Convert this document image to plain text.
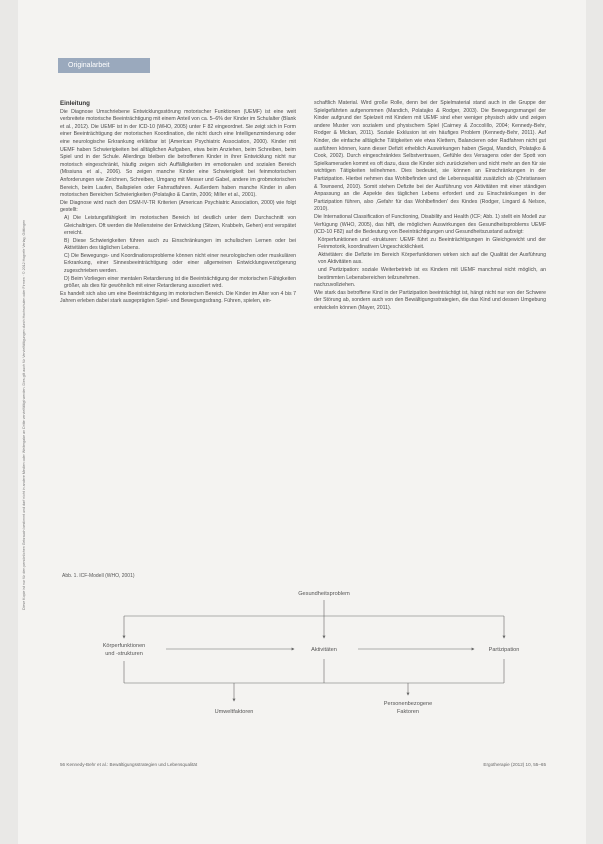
Originalarbeit
Diese Kopie ist nur für den persönlichen Gebrauch bestimmt und darf nicht in andere Medien oder Weitergabe an Dritte vervielfältigt werden. Dies gilt auch für Vervielfältigungen durch Hochschulen oder Firmen · © 2012 Hogrefe Verlag, Göttingen
Einleitung

Die Diagnose Umschriebene Entwicklungsstörung motorischer Funktionen (UEMF) ist eine weit verbreitete motorische Beeinträchtigung mit einem Anteil von ca. 5–6% der Kinder im Schulalter (Blank et al., 2012). Die UEMF ist in der ICD-10 (WHO, 2005) unter F 82 eingeordnet. Sie zeigt sich in Form einer Beeinträchtigung der motorischen Koordination, die nicht durch eine Intelligenzminderung oder eine neurologische Erkrankung erklärbar ist (American Psychiatric Association, 2000). Kinder mit UEMF haben Schwierigkeiten bei alltäglichen Aufgaben, etwa beim Anziehen, beim Schreiben, beim Spiel und in der Schule. Allerdings bleiben die betroffenen Kinder in ihrer Entwicklung nicht nur motorisch eingeschränkt, häufig zeigen sich Auffälligkeiten im emotionalen und sozialen Bereich (Missiuna et al., 2006). So zeigen manche Kinder eine Schwierigkeit bei feinmotorischen Anforderungen wie Zeichnen, Schreiben, Umgang mit Messer und Gabel, andere im grobmotorischen Bereich, beim Laufen, Ballspielen oder Fahrradfahren. Außerdem haben manche Kinder in allen motorischen Bereichen Schwierigkeiten (Polatajko & Cantin, 2006; Miller et al., 2001).

Die Diagnose wird nach den DSM-IV-TR Kriterien (American Psychiatric Association, 2000) wie folgt gestellt:

A) Die Leistungsfähigkeit im motorischen Bereich ist deutlich unter dem Durchschnitt von Gleichaltrigen. Oft werden die Meilensteine der Entwicklung (Sitzen, Krabbeln, Gehen) erst verspätet erreicht.
B) Diese Schwierigkeiten führen auch zu Einschränkungen im schulischen Lernen oder bei Aktivitäten des täglichen Lebens.
C) Die Bewegungs- und Koordinationsprobleme können nicht einer neurologischen oder muskulären Erkrankung, einer Sinnesbeeinträchtigung oder einer allgemeinen Entwicklungsverzögerung zugeschrieben werden.
D) Beim Vorliegen einer mentalen Retardierung ist die Beeinträchtigung der motorischen Fähigkeiten größer, als dies für gewöhnlich mit einer Retardierung assoziiert wird.

Es handelt sich also um eine Beeinträchtigung im motorischen Bereich. Die Kinder im Alter von 4 bis 7 Jahren erleben dabei stark ausgeprägten Spiel- und Bewegungsdrang. Führen, spielen, ein-

schaftlich Material. Wird große Rolle, denn bei der Spielmaterial stand auch in die Gruppe der Spielgefährten aufgenommen (Mandich, Polatajko & Rodger, 2003). Die Bewegungsmangel der Kinder aufgrund der Spielzeit mit Kindern mit UEMF sind eher weniger physisch aktiv und zeigen andere Muster von sozialem und physischem Spiel (Cairney & Zoccolillo, 2004; Kennedy-Behr, Rodger & Mickan, 2011). Soziale Exklusion ist ein häufiges Problem (Kennedy-Behr, 2011). Auf Kinder, die einfache alltägliche Tätigkeiten wie etwa Klettern, Balancieren oder Radfahren nicht gut ausführen können, kann dieser Defizit erheblich Auswirkungen haben (Segal, Mandich, Polatajko & Cook, 2002). Durch eingeschränktes Selbstvertrauen, Gefühle des Versagens oder der Spott von Spielkameraden kommt es oft dazu, dass die Kinder sich zurückziehen und nicht mehr an den für sie wichtigen Tätigkeiten teilnehmen. Dies bedeutet, sie können an Einschränkungen in der Partizipation. Hierbei nehmen das Wohlbefinden und die Lebensqualität zusätzlich ab (Christiansen & Townsend, 2010). Somit stehen Defizite bei der Ausführung von Aktivitäten mit einer ständigen Anpassung an die Aspekte des täglichen Lebens erfordert und zu Einschränkungen in der Partizipation führen, also ‚Gefahr für das Wohlbefinden' des Kindes (Rodger, Lingard & Nelson, 2010).

Die International Classification of Functioning, Disability and Health (ICF; Abb. 1) stellt ein Modell zur Verfügung (WHO, 2005), das hilft, die möglichen Auswirkungen des Gesundheitsproblems UEMF (ICD-10 F82) auf die Bedeutung von Beeinträchtigungen und Gesundheitszustand aufzeigt:

Körperfunktionen und -strukturen: UEMF führt zu Beeinträchtigungen in Gleichgewicht und der Feinmotorik, koordinativen Ungeschicklichkeit.
Aktivitäten: die Defizite im Bereich Körperfunktionen wirken sich auf die Qualität der Ausführung von Aktivitäten aus.
und Partizipation: soziale Weiterbetrieb ist es Kindern mit UEMF manchmal nicht möglich, an bestimmten Lebensbereichen teilzunehmen.

nachzuvollziehen.

Wie stark das betroffene Kind in der Partizipation beeinträchtigt ist, hängt nicht nur von der Schwere der Störung ab, sondern auch von den Bewältigungsstrategien, die das Kind und dessen Umgebung entwickeln können (Mayer, 2011).

Abb. 1. ICF-Modell (WHO, 2001)
Gesundheitsproblem
Körperfunktionen
und -strukturen
Aktivitäten	Partizipation
Umweltfaktoren
Personenbezogene
Faktoren
56 Kennedy-Behr et al.: Bewältigungsstrategien und Lebensqualität	Ergotherapie (2012) 10, 55–65
